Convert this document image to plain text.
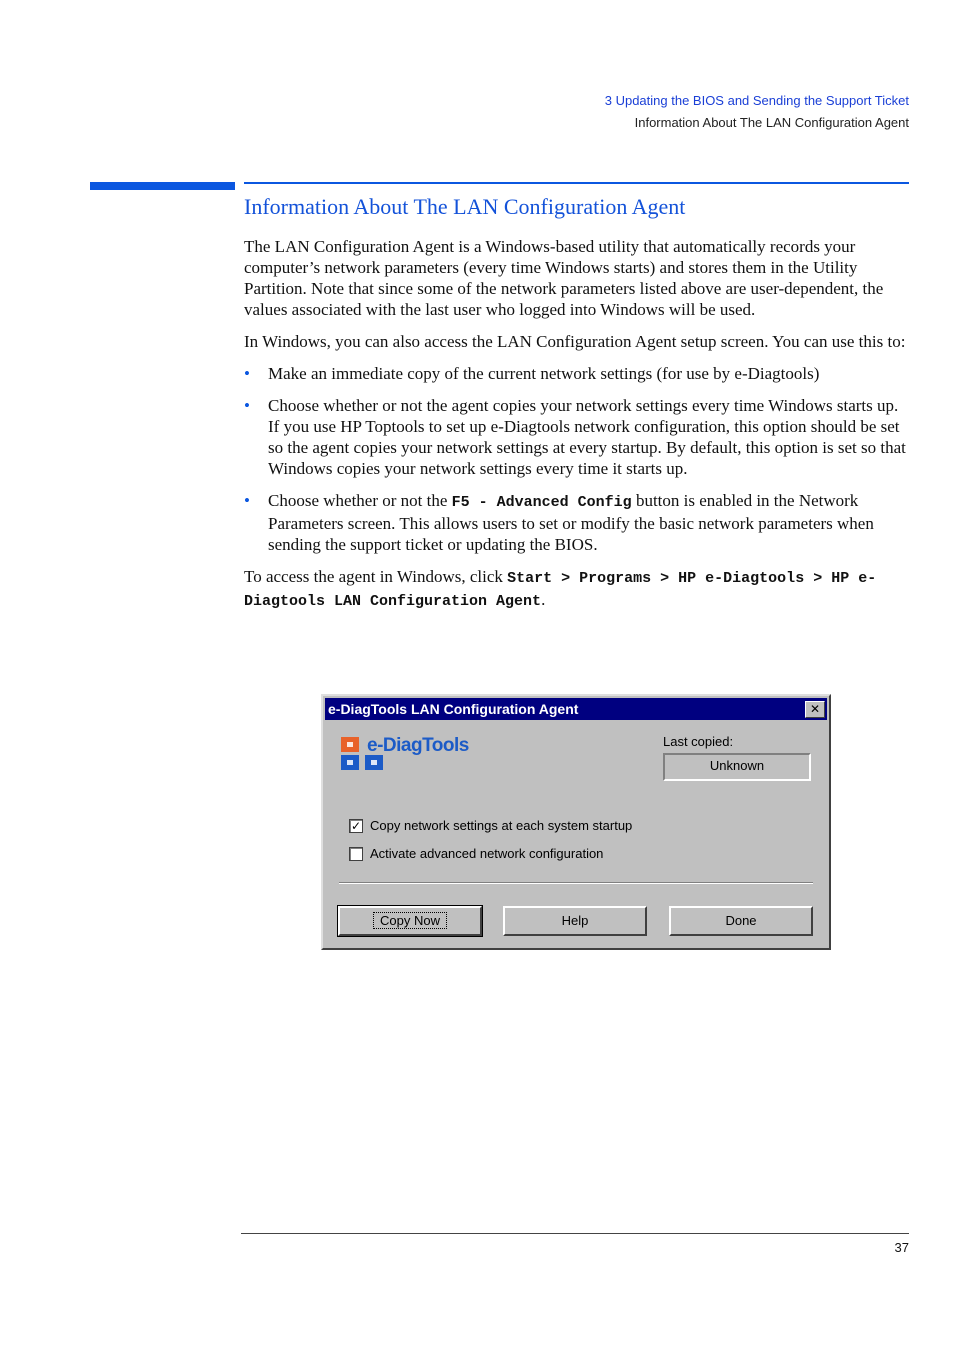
3 Updating the BIOS and Sending the Support Ticket
Information About The LAN Configuration Agent
Information About The LAN Configuration Agent

The LAN Configuration Agent is a Windows-based utility that automatically records your computer’s network parameters (every time Windows starts) and stores them in the Utility Partition. Note that since some of the network parameters listed above are user-dependent, the values associated with the last user who logged into Windows will be used.

In Windows, you can also access the LAN Configuration Agent setup screen. You can use this to:

• Make an immediate copy of the current network settings (for use by e-Diagtools)
• Choose whether or not the agent copies your network settings every time Windows starts up. If you use HP Toptools to set up e-Diagtools network configuration, this option should be set so the agent copies your network settings at every startup. By default, this option is set so that Windows copies your network settings every time it starts up.
• Choose whether or not the F5 - Advanced Config button is enabled in the Network Parameters screen. This allows users to set or modify the basic network parameters when sending the support ticket or updating the BIOS.

To access the agent in Windows, click Start > Programs > HP e-Diagtools > HP e-Diagtools LAN Configuration Agent.

e-DiagTools LAN Configuration Agent	✕
e-DiagTools	Last copied:
Unknown
✓ Copy network settings at each system startup
Activate advanced network configuration
Copy Now	Help	Done
37
